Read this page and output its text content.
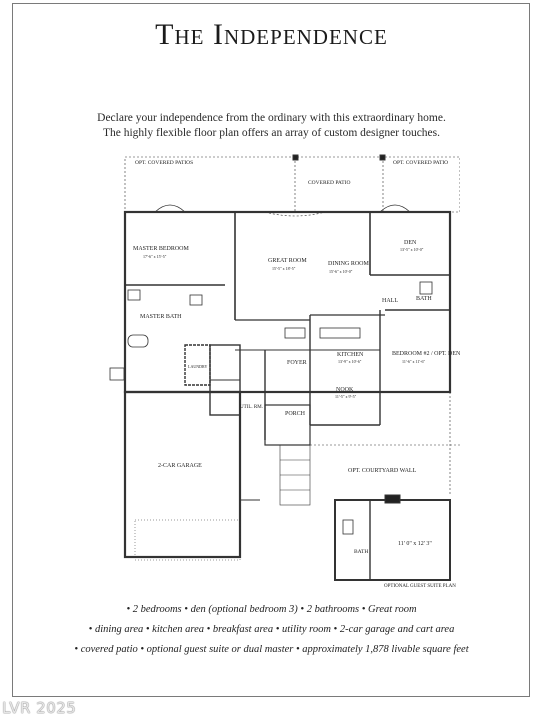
The Independence
Declare your independence from the ordinary with this extraordinary home.
The highly flexible floor plan offers an array of custom designer touches.
OPT. COVERED PATIOS
COVERED PATIO
OPT. COVERED PATIO
MASTER BEDROOM
17'-6" x 15'-5"
GREAT ROOM
15'-5" x 18'-5"
DINING ROOM
15'-6" x 10'-0"
DEN
13'-5" x 10'-0"
HALL	BATH
MASTER BATH
KITCHEN
13'-9" x 10'-6"
BEDROOM #2 / OPT. DEN
11'-6" x 11'-6"
FOYER
NOOK
11'-5" x 9'-5"
PORCH
UTIL. RM.
LAUNDRY
2-CAR GARAGE
OPT. COURTYARD WALL
BATH
11' 0" x 12' 3"
OPTIONAL GUEST SUITE PLAN
• 2 bedrooms • den (optional bedroom 3) • 2 bathrooms • Great room
• dining area • kitchen area • breakfast area • utility room • 2-car garage and cart area
• covered patio • optional guest suite or dual master • approximately 1,878 livable square feet
LVR 2025
